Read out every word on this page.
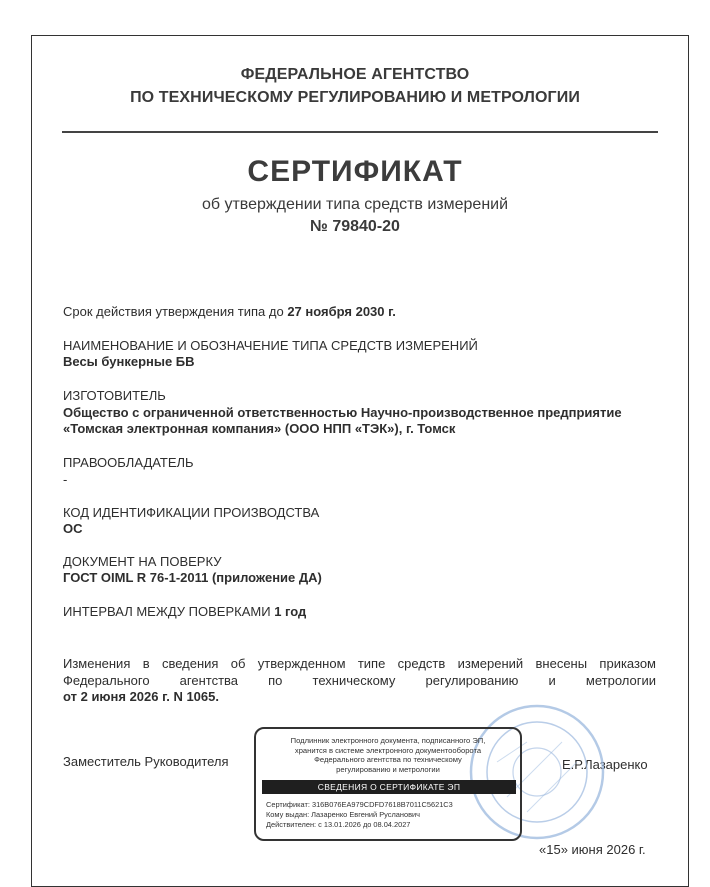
ФЕДЕРАЛЬНОЕ АГЕНТСТВО
ПО ТЕХНИЧЕСКОМУ РЕГУЛИРОВАНИЮ И МЕТРОЛОГИИ
СЕРТИФИКАТ
об утверждении типа средств измерений
№ 79840-20
Срок действия утверждения типа до 27 ноября 2030 г.
НАИМЕНОВАНИЕ И ОБОЗНАЧЕНИЕ ТИПА СРЕДСТВ ИЗМЕРЕНИЙ
Весы бункерные БВ
ИЗГОТОВИТЕЛЬ
Общество с ограниченной ответственностью Научно-производственное предприятие
«Томская электронная компания» (ООО НПП «ТЭК»), г. Томск
ПРАВООБЛАДАТЕЛЬ
-
КОД ИДЕНТИФИКАЦИИ ПРОИЗВОДСТВА
ОС
ДОКУМЕНТ НА ПОВЕРКУ
ГОСТ OIML R 76-1-2011 (приложение ДА)
ИНТЕРВАЛ МЕЖДУ ПОВЕРКАМИ 1 год
Изменения в сведения об утвержденном типе средств измерений внесены приказом
Федерального агентства по техническому регулированию и метрологии
от 2 июня 2026 г. N 1065.
Заместитель Руководителя	Е.Р.Лазаренко
Подлинник электронного документа, подписанного ЭП,
хранится в системе электронного документооборота
Федерального агентства по техническому
регулированию и метрологии
СВЕДЕНИЯ О СЕРТИФИКАТЕ ЭП
Сертификат: 316B076EA979CDFD7618B7011C5621C3
Кому выдан: Лазаренко Евгений Русланович
Действителен: с 13.01.2026 до 08.04.2027
«15» июня 2026 г.
